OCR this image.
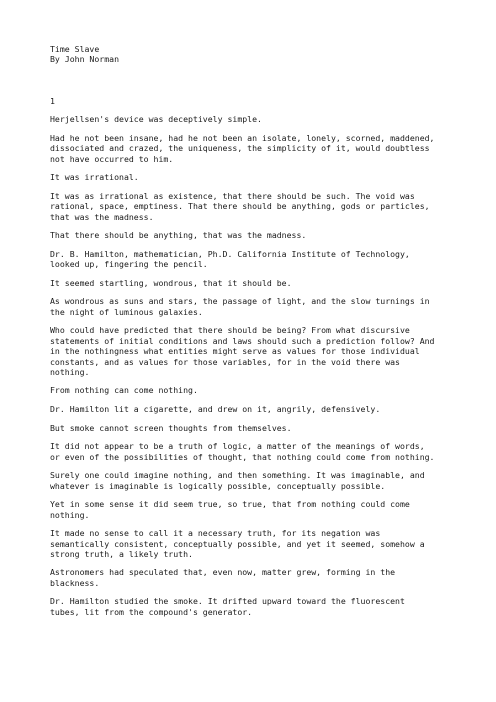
Time Slave
By John Norman
1
Herjellsen's device was deceptively simple.
Had he not been insane, had he not been an isolate, lonely, scorned, maddened,
dissociated and crazed, the uniqueness, the simplicity of it, would doubtless
not have occurred to him.
It was irrational.
It was as irrational as existence, that there should be such. The void was
rational, space, emptiness. That there should be anything, gods or particles,
that was the madness.
That there should be anything, that was the madness.
Dr. B. Hamilton, mathematician, Ph.D. California Institute of Technology,
looked up, fingering the pencil.
It seemed startling, wondrous, that it should be.
As wondrous as suns and stars, the passage of light, and the slow turnings in
the night of luminous galaxies.
Who could have predicted that there should be being? From what discursive
statements of initial conditions and laws should such a prediction follow? And
in the nothingness what entities might serve as values for those individual
constants, and as values for those variables, for in the void there was
nothing.
From nothing can come nothing.
Dr. Hamilton lit a cigarette, and drew on it, angrily, defensively.
But smoke cannot screen thoughts from themselves.
It did not appear to be a truth of logic, a matter of the meanings of words,
or even of the possibilities of thought, that nothing could come from nothing.
Surely one could imagine nothing, and then something. It was imaginable, and
whatever is imaginable is logically possible, conceptually possible.
Yet in some sense it did seem true, so true, that from nothing could come
nothing.
It made no sense to call it a necessary truth, for its negation was
semantically consistent, conceptually possible, and yet it seemed, somehow a
strong truth, a likely truth.
Astronomers had speculated that, even now, matter grew, forming in the
blackness.
Dr. Hamilton studied the smoke. It drifted upward toward the fluorescent
tubes, lit from the compound's generator.
